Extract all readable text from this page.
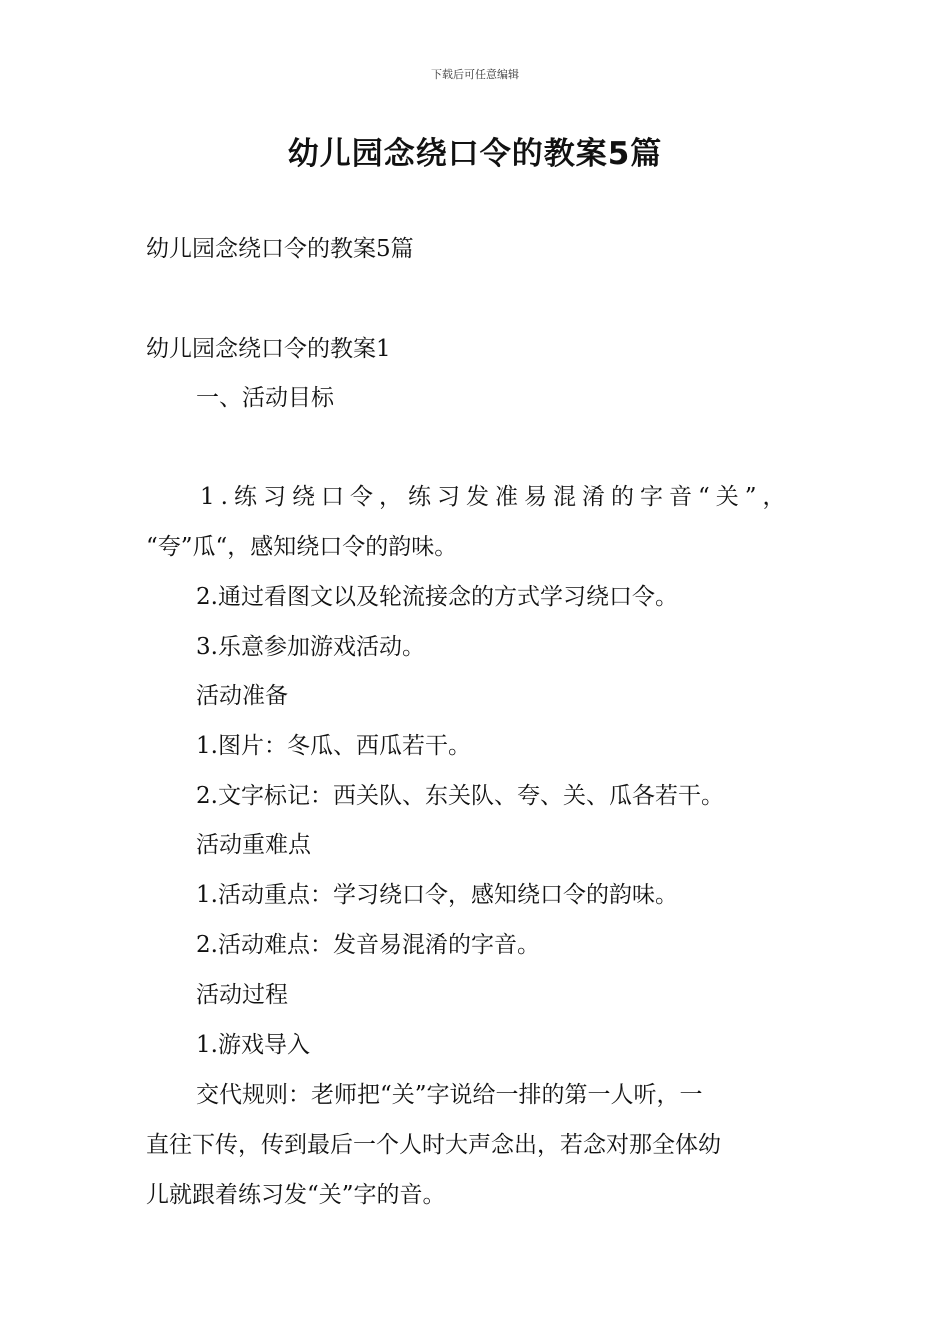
下载后可任意编辑
幼儿园念绕口令的教案5篇
幼儿园念绕口令的教案5篇
幼儿园念绕口令的教案1
一、活动目标
1.练习绕口令，练习发准易混淆的字音“关”，
“夸”瓜“，感知绕口令的韵味。
2.通过看图文以及轮流接念的方式学习绕口令。
3.乐意参加游戏活动。
活动准备
1.图片：冬瓜、西瓜若干。
2.文字标记：西关队、东关队、夸、关、瓜各若干。
活动重难点
1.活动重点：学习绕口令，感知绕口令的韵味。
2.活动难点：发音易混淆的字音。
活动过程
1.游戏导入
交代规则：老师把“关”字说给一排的第一人听，一
直往下传，传到最后一个人时大声念出，若念对那全体幼
儿就跟着练习发“关”字的音。
